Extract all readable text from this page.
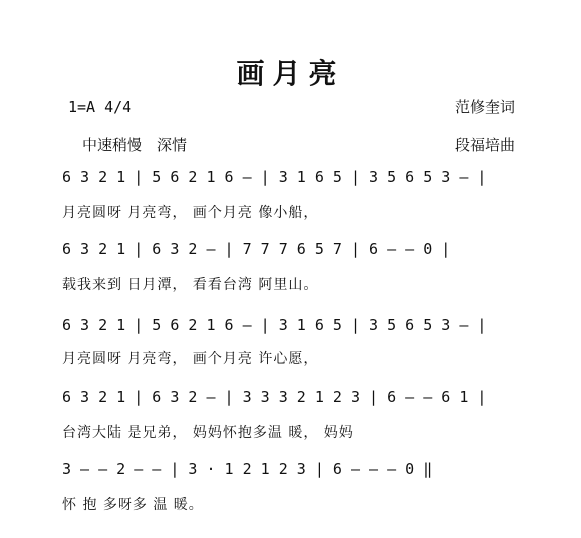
画月亮
1=A 4/4	范修奎词
中速稍慢　深情	段福培曲
6 3 2 1 | 5 6 2 1 6 — | 3 1 6 5 | 3 5 6 5 3 — |
月亮圆呀 月亮弯， 画个月亮 像小船，
6 3 2 1 | 6 3 2 — | 7 7 7 6 5 7 | 6 — — 0 |
载我来到 日月潭， 看看台湾 阿里山。
6 3 2 1 | 5 6 2 1 6 — | 3 1 6 5 | 3 5 6 5 3 — |
月亮圆呀 月亮弯， 画个月亮 许心愿，
6 3 2 1 | 6 3 2 — | 3 3 3 2 1 2 3 | 6 — — 6 1 |
台湾大陆 是兄弟， 妈妈怀抱多温 暖， 妈妈
3 — — 2 — — | 3 · 1 2 1 2 3 | 6 — — — 0 ‖
怀 抱 多呀多 温 暖。
